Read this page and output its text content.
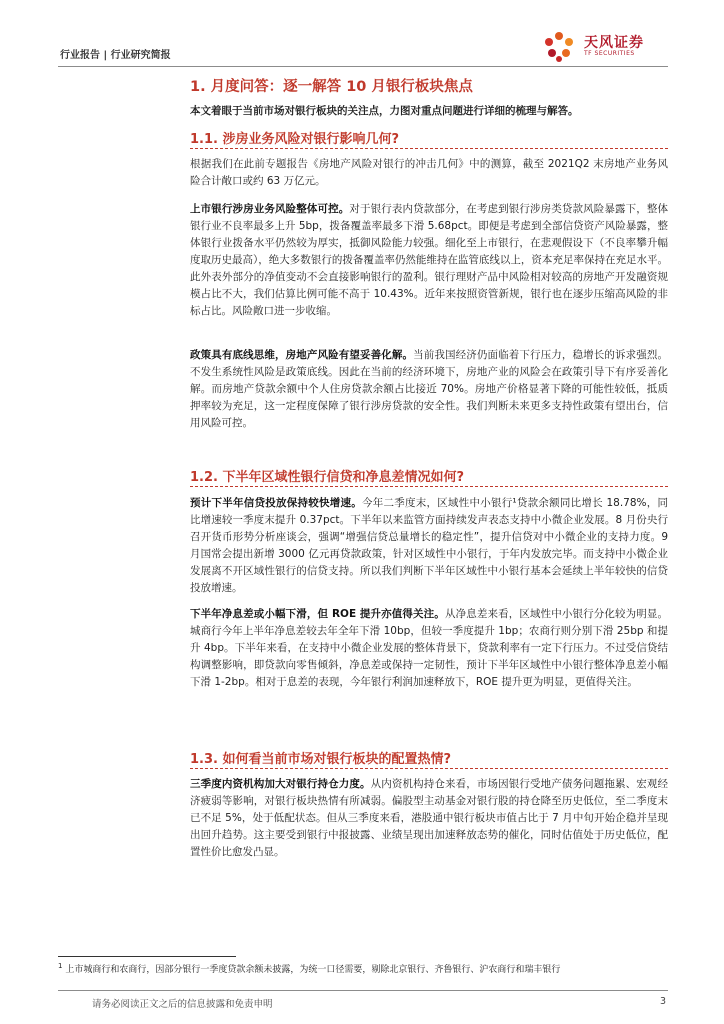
行业报告 | 行业研究简报
天风证券
TF SECURITIES
1. 月度问答：逐一解答 10 月银行板块焦点
本文着眼于当前市场对银行板块的关注点，力图对重点问题进行详细的梳理与解答。
1.1. 涉房业务风险对银行影响几何?
根据我们在此前专题报告《房地产风险对银行的冲击几何》中的测算，截至 2021Q2 末房地产业务风险合计敞口或约 63 万亿元。
上市银行涉房业务风险整体可控。对于银行表内贷款部分，在考虑到银行涉房类贷款风险暴露下，整体银行业不良率最多上升 5bp，拨备覆盖率最多下滑 5.68pct。即便是考虑到全部信贷资产风险暴露，整体银行业拨备水平仍然较为厚实，抵御风险能力较强。细化至上市银行，在悲观假设下（不良率攀升幅度取历史最高），绝大多数银行的拨备覆盖率仍然能维持在监管底线以上，资本充足率保持在充足水平。此外表外部分的净值变动不会直接影响银行的盈利。银行理财产品中风险相对较高的房地产开发融资规模占比不大，我们估算比例可能不高于 10.43%。近年来按照资管新规，银行也在逐步压缩高风险的非标占比。风险敞口进一步收缩。
政策具有底线思维，房地产风险有望妥善化解。当前我国经济仍面临着下行压力，稳增长的诉求强烈。不发生系统性风险是政策底线。因此在当前的经济环境下，房地产业的风险会在政策引导下有序妥善化解。而房地产贷款余额中个人住房贷款余额占比接近 70%。房地产价格显著下降的可能性较低，抵质押率较为充足，这一定程度保障了银行涉房贷款的安全性。我们判断未来更多支持性政策有望出台，信用风险可控。
1.2. 下半年区域性银行信贷和净息差情况如何?
预计下半年信贷投放保持较快增速。今年二季度末，区域性中小银行¹贷款余额同比增长 18.78%，同比增速较一季度末提升 0.37pct。下半年以来监管方面持续发声表态支持中小微企业发展。8 月份央行召开货币形势分析座谈会，强调“增强信贷总量增长的稳定性”，提升信贷对中小微企业的支持力度。9 月国常会提出新增 3000 亿元再贷款政策，针对区域性中小银行，于年内发放完毕。而支持中小微企业发展离不开区域性银行的信贷支持。所以我们判断下半年区域性中小银行基本会延续上半年较快的信贷投放增速。
下半年净息差或小幅下滑，但 ROE 提升亦值得关注。从净息差来看，区域性中小银行分化较为明显。城商行今年上半年净息差较去年全年下滑 10bp，但较一季度提升 1bp；农商行则分别下滑 25bp 和提升 4bp。下半年来看，在支持中小微企业发展的整体背景下，贷款利率有一定下行压力。不过受信贷结构调整影响，即贷款向零售倾斜，净息差或保持一定韧性，预计下半年区域性中小银行整体净息差小幅下滑 1-2bp。相对于息差的表现，今年银行利润加速释放下，ROE 提升更为明显，更值得关注。
1.3. 如何看当前市场对银行板块的配置热情?
三季度内资机构加大对银行持仓力度。从内资机构持仓来看，市场因银行受地产债务问题拖累、宏观经济疲弱等影响，对银行板块热情有所减弱。偏股型主动基金对银行股的持仓降至历史低位，至二季度末已不足 5%，处于低配状态。但从三季度来看，港股通中银行板块市值占比于 7 月中旬开始企稳并呈现出回升趋势。这主要受到银行中报披露、业绩呈现出加速释放态势的催化，同时估值处于历史低位，配置性价比愈发凸显。
$^1$ 上市城商行和农商行，因部分银行一季度贷款余额未披露，为统一口径需要，剔除北京银行、齐鲁银行、沪农商行和瑞丰银行
请务必阅读正文之后的信息披露和免责申明	3
